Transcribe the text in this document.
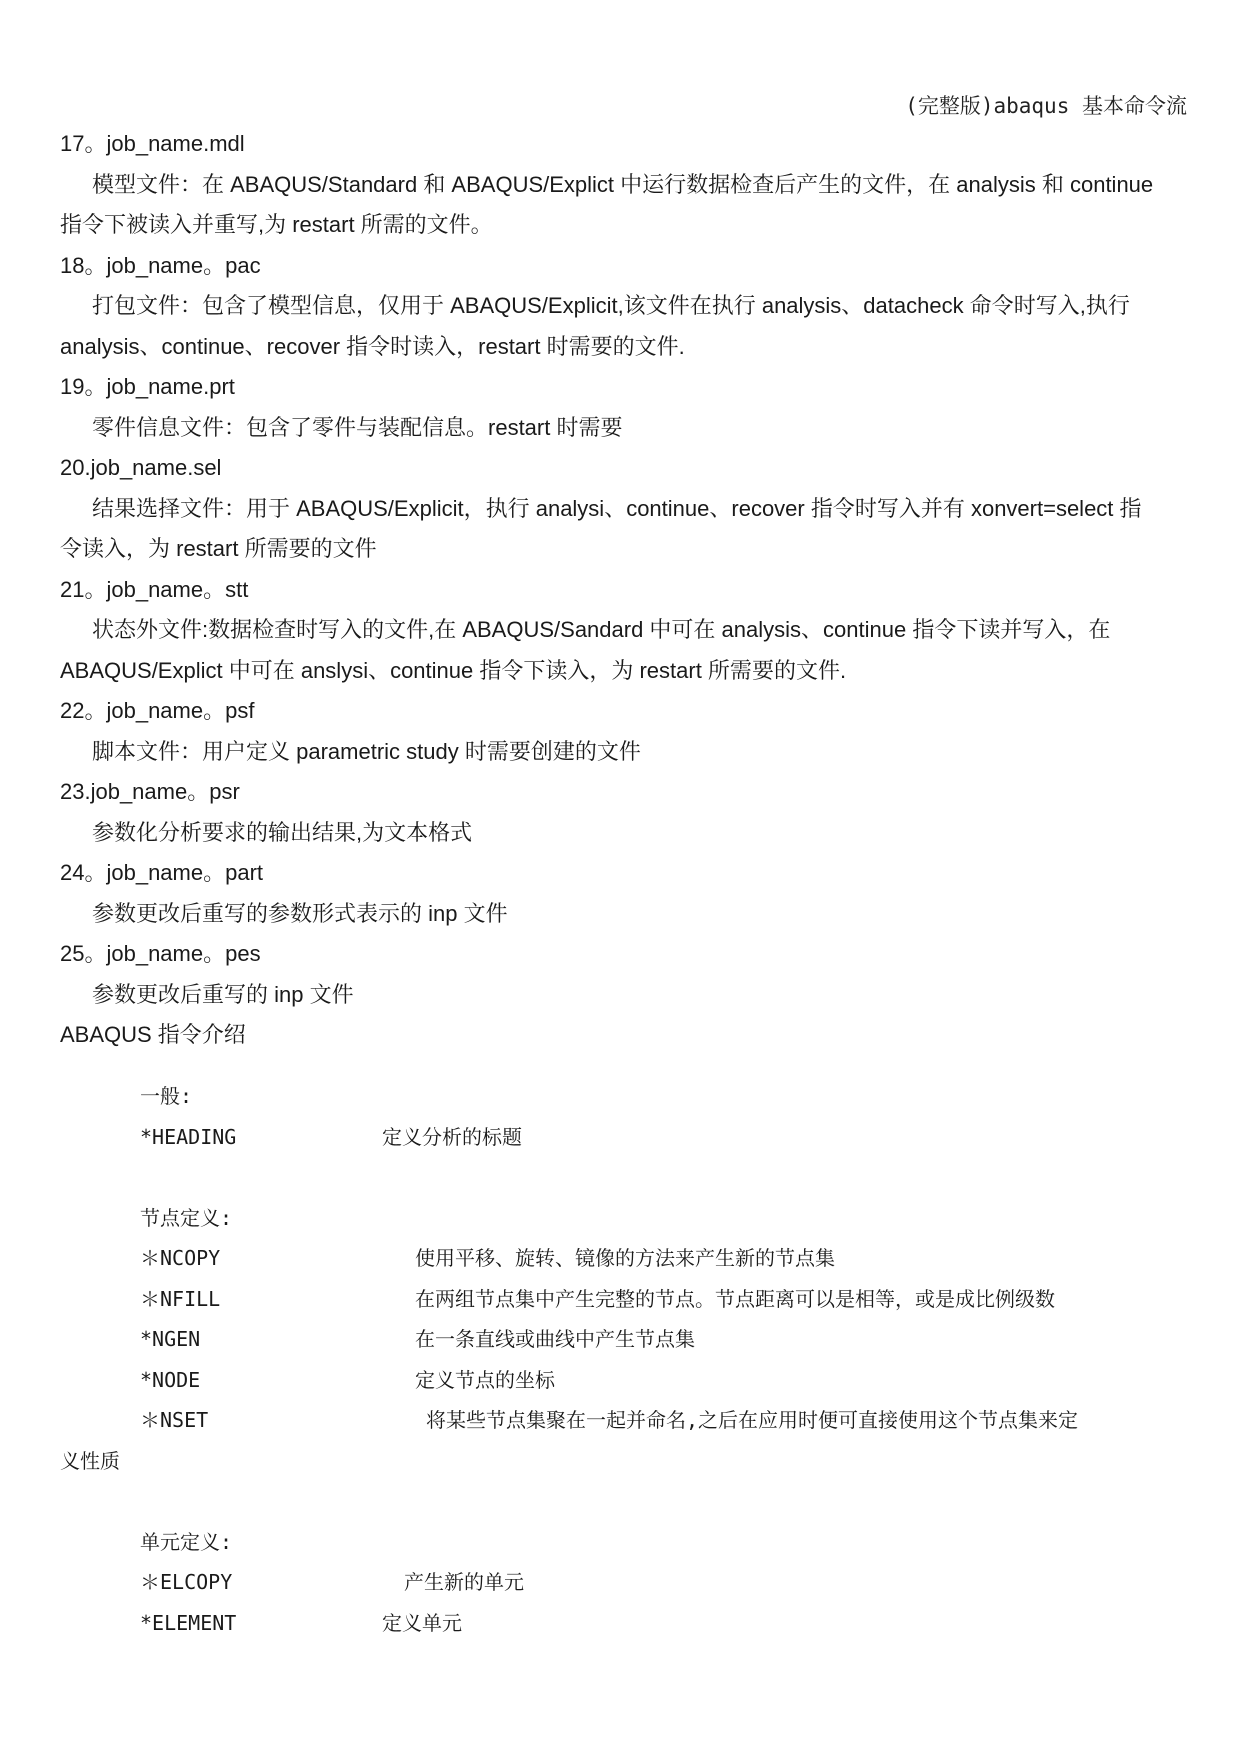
(完整版)abaqus 基本命令流

17。job_name.mdl

模型文件：在 ABAQUS/Standard 和 ABAQUS/Explict 中运行数据检查后产生的文件，在 analysis 和 continue

指令下被读入并重写,为 restart 所需的文件。

18。job_name。pac

打包文件：包含了模型信息，仅用于 ABAQUS/Explicit,该文件在执行 analysis、datacheck 命令时写入,执行

analysis、continue、recover 指令时读入，restart 时需要的文件.

19。job_name.prt

零件信息文件：包含了零件与装配信息。restart 时需要

20.job_name.sel

结果选择文件：用于 ABAQUS/Explicit，执行 analysi、continue、recover 指令时写入并有 xonvert=select 指

令读入，为 restart 所需要的文件

21。job_name。stt

状态外文件:数据检查时写入的文件,在 ABAQUS/Sandard 中可在 analysis、continue 指令下读并写入，在

ABAQUS/Explict 中可在 anslysi、continue 指令下读入，为 restart 所需要的文件.

22。job_name。psf

脚本文件：用户定义 parametric study 时需要创建的文件

23.job_name。psr

参数化分析要求的输出结果,为文本格式

24。job_name。part

参数更改后重写的参数形式表示的 inp 文件

25。job_name。pes

参数更改后重写的 inp 文件

ABAQUS 指令介绍

一般:

*HEADING	定义分析的标题

节点定义:

＊NCOPY	使用平移、旋转、镜像的方法来产生新的节点集
＊NFILL	在两组节点集中产生完整的节点。节点距离可以是相等，或是成比例级数
*NGEN	在一条直线或曲线中产生节点集
*NODE	定义节点的坐标
＊NSET	将某些节点集聚在一起并命名,之后在应用时便可直接使用这个节点集来定

义性质

单元定义:

＊ELCOPY	产生新的单元
*ELEMENT	定义单元
